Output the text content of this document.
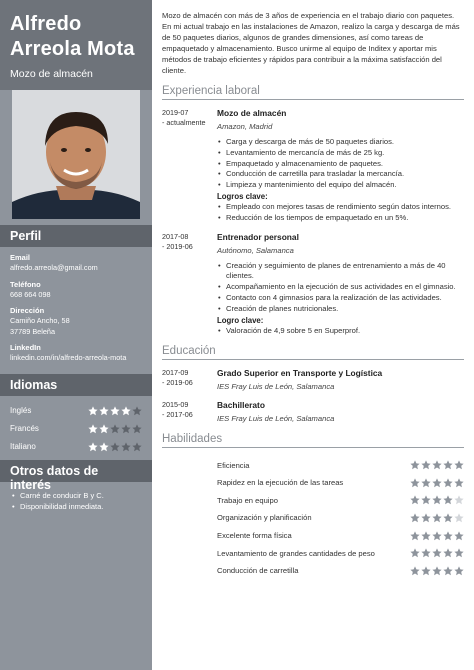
Alfredo
Arreola Mota
Mozo de almacén
Perfil
Email
alfredo.arreola@gmail.com
Teléfono
668 664 098
Dirección
Camiño Ancho, 58
37789 Beleña
LinkedIn
linkedin.com/in/alfredo-arreola-mota
Idiomas
Inglés
Francés
Italiano
Otros datos de interés
• Carné de conducir B y C.
• Disponibilidad inmediata.

Mozo de almacén con más de 3 años de experiencia en el trabajo diario con paquetes. En mi actual trabajo en las instalaciones de Amazon, realizo la carga y descarga de más de 50 paquetes diarios, algunos de grandes dimensiones, así como tareas de empaquetado y almacenamiento. Busco unirme al equipo de Inditex y aportar mis métodos de trabajo eficientes y rápidos para contribuir a la máxima satisfacción del cliente.

Experiencia laboral
2019-07
- actualmente
Mozo de almacén
Amazon, Madrid
• Carga y descarga de más de 50 paquetes diarios.
• Levantamiento de mercancía de más de 25 kg.
• Empaquetado y almacenamiento de paquetes.
• Conducción de carretilla para trasladar la mercancía.
• Limpieza y mantenimiento del equipo del almacén.
Logros clave:
• Empleado con mejores tasas de rendimiento según datos internos.
• Reducción de los tiempos de empaquetado en un 5%.
2017-08
- 2019-06
Entrenador personal
Autónomo, Salamanca
• Creación y seguimiento de planes de entrenamiento a más de 40 clientes.
• Acompañamiento en la ejecución de sus actividades en el gimnasio.
• Contacto con 4 gimnasios para la realización de las actividades.
• Creación de planes nutricionales.
Logro clave:
• Valoración de 4,9 sobre 5 en Superprof.
Educación
2017-09
- 2019-06
Grado Superior en Transporte y Logística
IES Fray Luis de León, Salamanca
2015-09
- 2017-06
Bachillerato
IES Fray Luis de León, Salamanca
Habilidades
Eficiencia
Rapidez en la ejecución de las tareas
Trabajo en equipo
Organización y planificación
Excelente forma física
Levantamiento de grandes cantidades de peso
Conducción de carretilla
